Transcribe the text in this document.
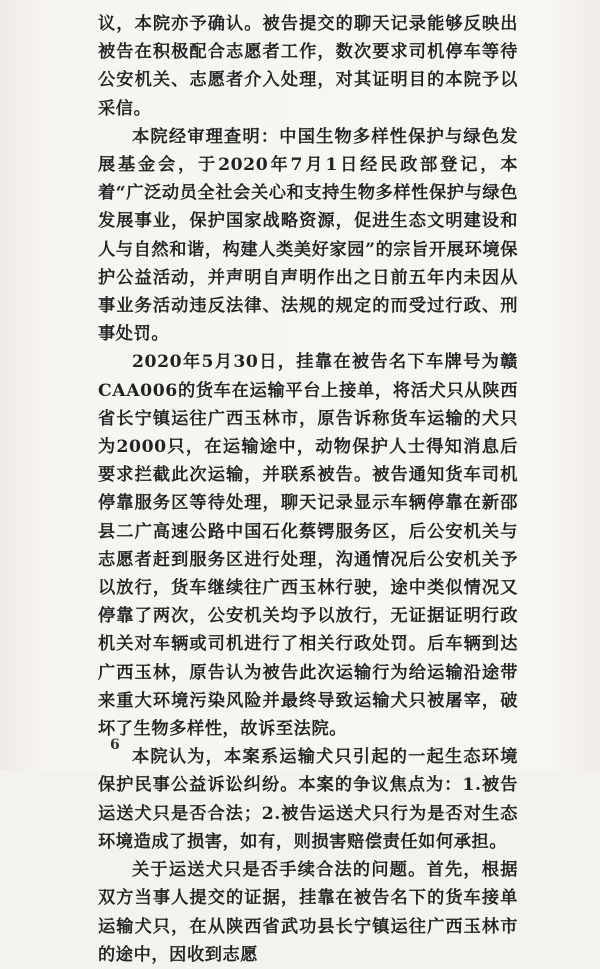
议，本院亦予确认。被告提交的聊天记录能够反映出被告在积极配合志愿者工作，数次要求司机停车等待公安机关、志愿者介入处理，对其证明目的本院予以采信。

本院经审理查明：中国生物多样性保护与绿色发展基金会，于2020年7月1日经民政部登记，本着“广泛动员全社会关心和支持生物多样性保护与绿色发展事业，保护国家战略资源，促进生态文明建设和人与自然和谐，构建人类美好家园”的宗旨开展环境保护公益活动，并声明自声明作出之日前五年内未因从事业务活动违反法律、法规的规定的而受过行政、刑事处罚。

2020年5月30日，挂靠在被告名下车牌号为赣CAA006的货车在运输平台上接单，将活犬只从陕西省长宁镇运往广西玉林市，原告诉称货车运输的犬只为2000只，在运输途中，动物保护人士得知消息后要求拦截此次运输，并联系被告。被告通知货车司机停靠服务区等待处理，聊天记录显示车辆停靠在新邵县二广高速公路中国石化蔡锷服务区，后公安机关与志愿者赶到服务区进行处理，沟通情况后公安机关予以放行，货车继续往广西玉林行驶，途中类似情况又停靠了两次，公安机关均予以放行，无证据证明行政机关对车辆或司机进行了相关行政处罚。后车辆到达广西玉林，原告认为被告此次运输行为给运输沿途带来重大环境污染风险并最终导致运输犬只被屠宰，破坏了生物多样性，故诉至法院。

本院认为，本案系运输犬只引起的一起生态环境保护民事公益诉讼纠纷。本案的争议焦点为：1.被告运送犬只是否合法；2.被告运送犬只行为是否对生态环境造成了损害，如有，则损害赔偿责任如何承担。

关于运送犬只是否手续合法的问题。首先，根据双方当事人提交的证据，挂靠在被告名下的货车接单运输犬只，在从陕西省武功县长宁镇运往广西玉林市的途中，因收到志愿

6
